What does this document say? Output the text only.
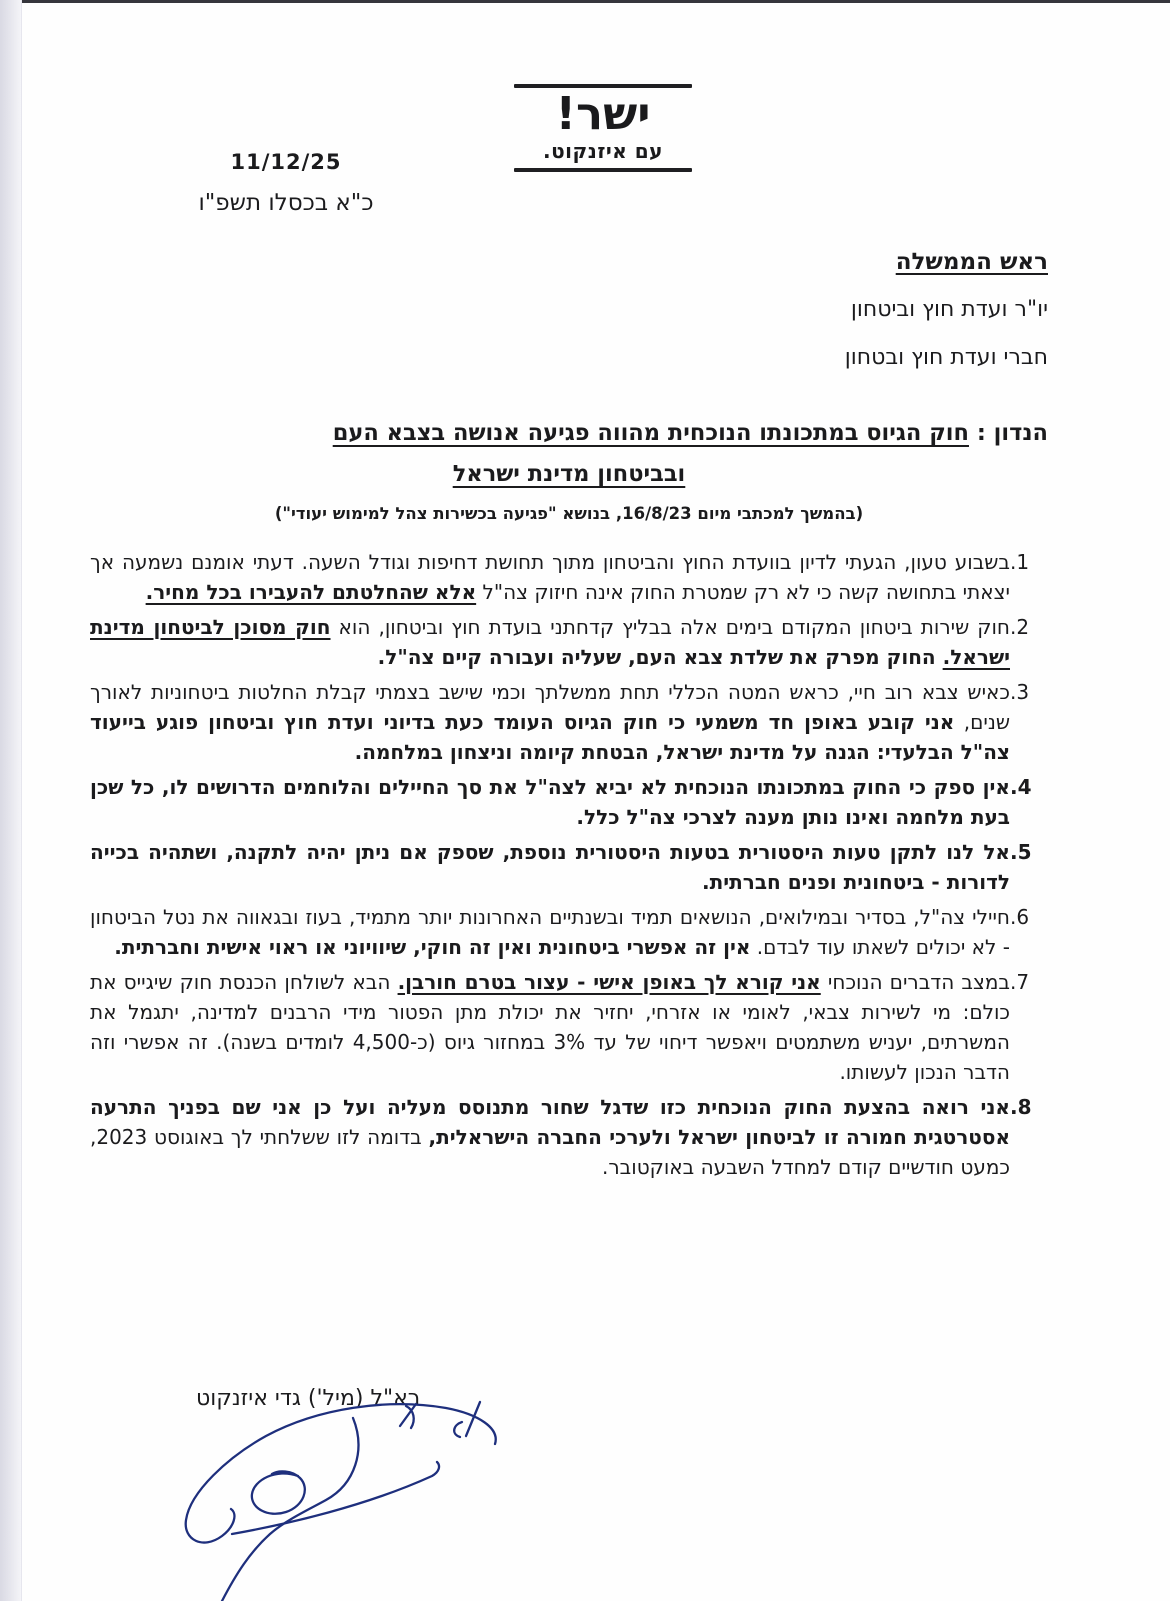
ישר!
עם איזנקוט.
11/12/25
כ"א בכסלו תשפ"ו
ראש הממשלה
יו"ר ועדת חוץ וביטחון
חברי ועדת חוץ ובטחון
הנדון : חוק הגיוס במתכונתו הנוכחית מהווה פגיעה אנושה בצבא העם
ובביטחון מדינת ישראל
(בהמשך למכתבי מיום 16/8/23, בנושא "פגיעה בכשירות צהל למימוש יעודי")
.1
בשבוע טעון, הגעתי לדיון בוועדת החוץ והביטחון מתוך תחושת דחיפות וגודל השעה. דעתי אומנם נשמעה אך יצאתי בתחושה קשה כי לא רק שמטרת החוק אינה חיזוק צה"ל אלא שהחלטתם להעבירו בכל מחיר.
.2
חוק שירות ביטחון המקודם בימים אלה בבליץ קדחתני בועדת חוץ וביטחון, הוא חוק מסוכן לביטחון מדינת ישראל. החוק מפרק את שלדת צבא העם, שעליה ועבורה קיים צה"ל.
.3
כאיש צבא רוב חיי, כראש המטה הכללי תחת ממשלתך וכמי שישב בצמתי קבלת החלטות ביטחוניות לאורך שנים, אני קובע באופן חד משמעי כי חוק הגיוס העומד כעת בדיוני ועדת חוץ וביטחון פוגע בייעוד צה"ל הבלעדי: הגנה על מדינת ישראל, הבטחת קיומה וניצחון במלחמה.
.4
אין ספק כי החוק במתכונתו הנוכחית לא יביא לצה"ל את סך החיילים והלוחמים הדרושים לו, כל שכן בעת מלחמה ואינו נותן מענה לצרכי צה"ל כלל.
.5
אל לנו לתקן טעות היסטורית בטעות היסטורית נוספת, שספק אם ניתן יהיה לתקנה, ושתהיה בכייה לדורות - ביטחונית ופנים חברתית.
.6
חיילי צה"ל, בסדיר ובמילואים, הנושאים תמיד ובשנתיים האחרונות יותר מתמיד, בעוז ובגאווה את נטל הביטחון - לא יכולים לשאתו עוד לבדם. אין זה אפשרי ביטחונית ואין זה חוקי, שיוויוני או ראוי אישית וחברתית.
.7
במצב הדברים הנוכחי אני קורא לך באופן אישי - עצור בטרם חורבן. הבא לשולחן הכנסת חוק שיגייס את כולם: מי לשירות צבאי, לאומי או אזרחי, יחזיר את יכולת מתן הפטור מידי הרבנים למדינה, יתגמל את המשרתים, יעניש משתמטים ויאפשר דיחוי של עד 3% במחזור גיוס (כ-4,500 לומדים בשנה). זה אפשרי וזה הדבר הנכון לעשותו.
.8
אני רואה בהצעת החוק הנוכחית כזו שדגל שחור מתנוסס מעליה ועל כן אני שם בפניך התרעה אסטרטגית חמורה זו לביטחון ישראל ולערכי החברה הישראלית, בדומה לזו ששלחתי לך באוגוסט 2023, כמעט חודשיים קודם למחדל השבעה באוקטובר.
רא"ל (מיל') גדי איזנקוט
